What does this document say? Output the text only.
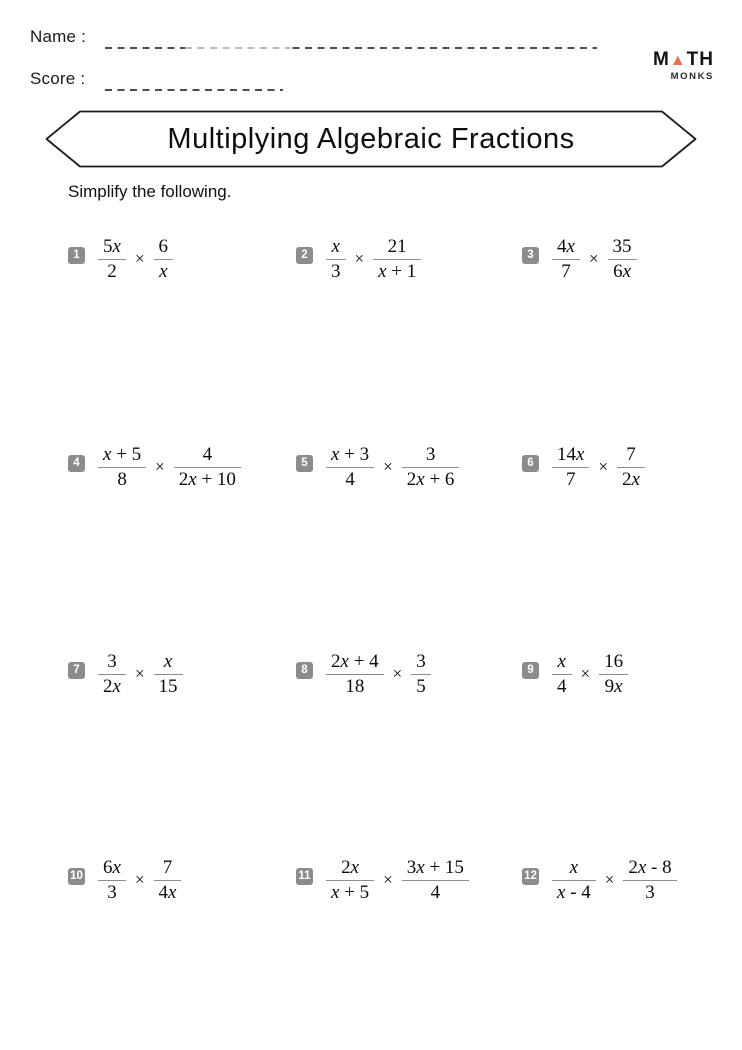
Name :
Score :
M▲TH
MONKS
Multiplying Algebraic Fractions
Simplify the following.
$1 \frac{5x}{2} \times \frac{6}{x}$	$2 \frac{x}{3} \times \frac{21}{x + 1}$	$3 \frac{4x}{7} \times \frac{35}{6x}$
$4 \frac{x + 5}{8} \times \frac{4}{2x + 10}$	$5 \frac{x + 3}{4} \times \frac{3}{2x + 6}$	$6 \frac{14x}{7} \times \frac{7}{2x}$
$7 \frac{3}{2x} \times \frac{x}{15}$	$8 \frac{2x + 4}{18} \times \frac{3}{5}$	$9 \frac{x}{4} \times \frac{16}{9x}$
$10 \frac{6x}{3} \times \frac{7}{4x}$	$11 \frac{2x}{x + 5} \times \frac{3x + 15}{4}$	$12 \frac{x}{x - 4} \times \frac{2x - 8}{3}$
